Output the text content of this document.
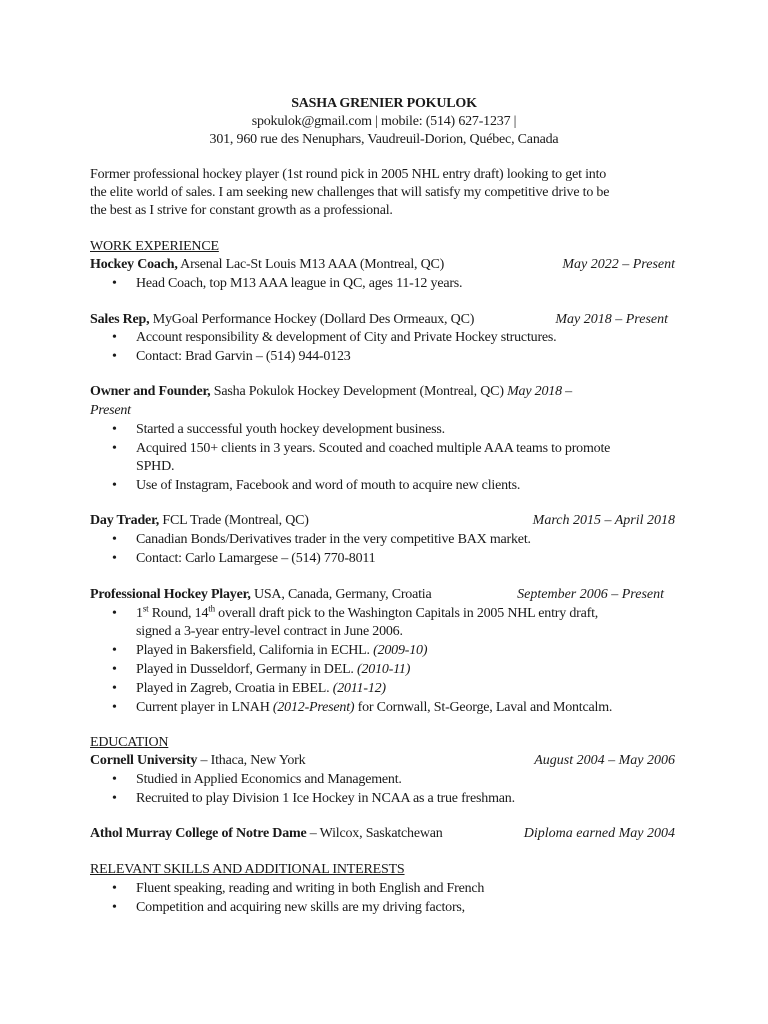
SASHA GRENIER POKULOK
spokulok@gmail.com | mobile: (514) 627-1237 |
301, 960 rue des Nenuphars, Vaudreuil-Dorion, Québec, Canada
Former professional hockey player (1st round pick in 2005 NHL entry draft) looking to get into
the elite world of sales. I am seeking new challenges that will satisfy my competitive drive to be
the best as I strive for constant growth as a professional.
WORK EXPERIENCE
Hockey Coach, Arsenal Lac-St Louis M13 AAA (Montreal, QC)	May 2022 – Present
• Head Coach, top M13 AAA league in QC, ages 11-12 years.
Sales Rep, MyGoal Performance Hockey (Dollard Des Ormeaux, QC)	May 2018 – Present
• Account responsibility & development of City and Private Hockey structures.
• Contact: Brad Garvin – (514) 944-0123
Owner and Founder, Sasha Pokulok Hockey Development (Montreal, QC) May 2018 –
Present
• Started a successful youth hockey development business.
• Acquired 150+ clients in 3 years. Scouted and coached multiple AAA teams to promote
SPHD.
• Use of Instagram, Facebook and word of mouth to acquire new clients.
Day Trader, FCL Trade (Montreal, QC)	March 2015 – April 2018
• Canadian Bonds/Derivatives trader in the very competitive BAX market.
• Contact: Carlo Lamargese – (514) 770-8011
Professional Hockey Player, USA, Canada, Germany, Croatia	September 2006 – Present
• 1st Round, 14th overall draft pick to the Washington Capitals in 2005 NHL entry draft,
signed a 3-year entry-level contract in June 2006.
• Played in Bakersfield, California in ECHL. (2009-10)
• Played in Dusseldorf, Germany in DEL. (2010-11)
• Played in Zagreb, Croatia in EBEL. (2011-12)
• Current player in LNAH (2012-Present) for Cornwall, St-George, Laval and Montcalm.
EDUCATION
Cornell University – Ithaca, New York	August 2004 – May 2006
• Studied in Applied Economics and Management.
• Recruited to play Division 1 Ice Hockey in NCAA as a true freshman.
Athol Murray College of Notre Dame – Wilcox, Saskatchewan	Diploma earned May 2004
RELEVANT SKILLS AND ADDITIONAL INTERESTS
• Fluent speaking, reading and writing in both English and French
• Competition and acquiring new skills are my driving factors,
